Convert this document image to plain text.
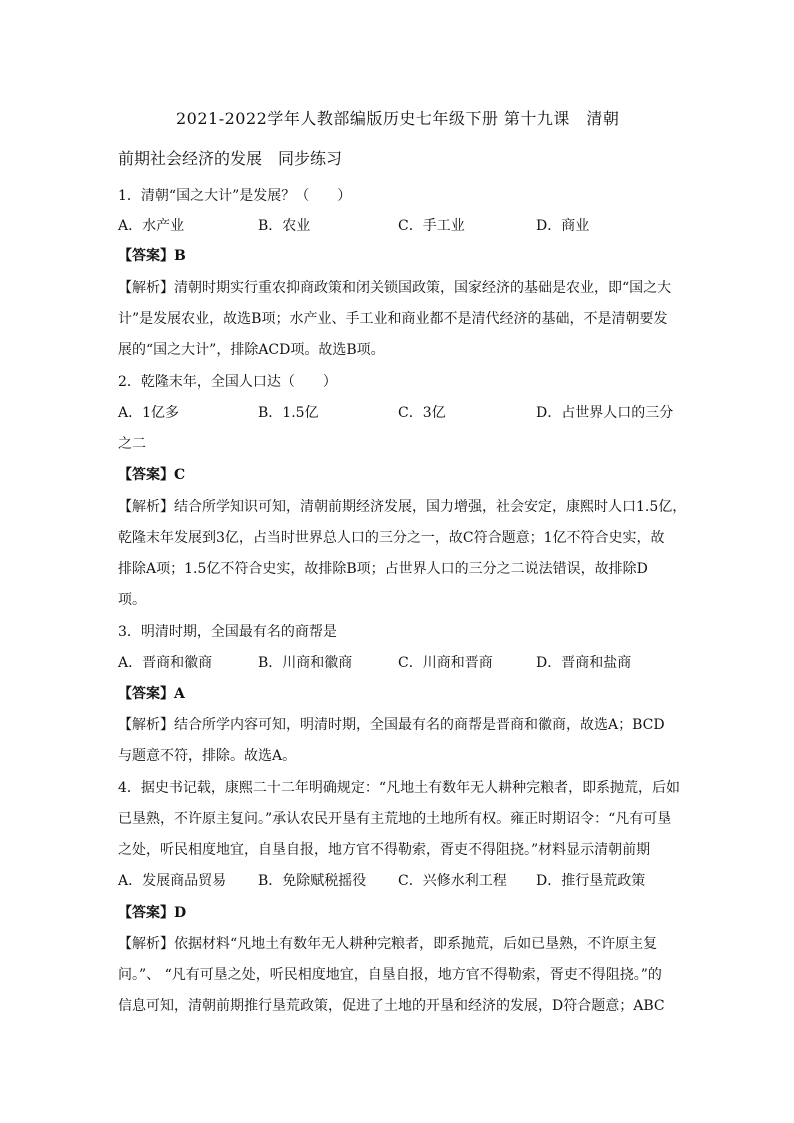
2021-2022学年人教部编版历史七年级下册 第十九课　清朝
前期社会经济的发展　同步练习
1．清朝“国之大计”是发展？（　　）
A．水产业	B．农业	C．手工业	D．商业
【答案】B
【解析】清朝时期实行重农抑商政策和闭关锁国政策，国家经济的基础是农业，即“国之大
计”是发展农业，故选B项；水产业、手工业和商业都不是清代经济的基础，不是清朝要发
展的“国之大计”，排除ACD项。故选B项。
2．乾隆末年，全国人口达（　　）
A．1亿多	B．1.5亿	C．3亿	D．占世界人口的三分
之二
【答案】C
【解析】结合所学知识可知，清朝前期经济发展，国力增强，社会安定，康熙时人口1.5亿，
乾隆末年发展到3亿，占当时世界总人口的三分之一，故C符合题意；1亿不符合史实，故
排除A项；1.5亿不符合史实，故排除B项；占世界人口的三分之二说法错误，故排除D
项。
3．明清时期，全国最有名的商帮是
A．晋商和徽商	B．川商和徽商	C．川商和晋商	D．晋商和盐商
【答案】A
【解析】结合所学内容可知，明清时期，全国最有名的商帮是晋商和徽商，故选A；BCD
与题意不符，排除。故选A。
4．据史书记载，康熙二十二年明确规定：“凡地土有数年无人耕种完粮者，即系抛荒，后如
已垦熟，不许原主复问。”承认农民开垦有主荒地的土地所有权。雍正时期诏令：“凡有可垦
之处，听民相度地宜，自垦自报，地方官不得勒索，胥吏不得阻挠。”材料显示清朝前期
A．发展商品贸易 B．免除赋税摇役 C．兴修水利工程 D．推行垦荒政策
【答案】D
【解析】依据材料“凡地土有数年无人耕种完粮者，即系抛荒，后如已垦熟，不许原主复
问。”、 “凡有可垦之处，听民相度地宜，自垦自报，地方官不得勒索，胥吏不得阻挠。”的
信息可知，清朝前期推行垦荒政策，促进了土地的开垦和经济的发展，D符合题意；ABC
